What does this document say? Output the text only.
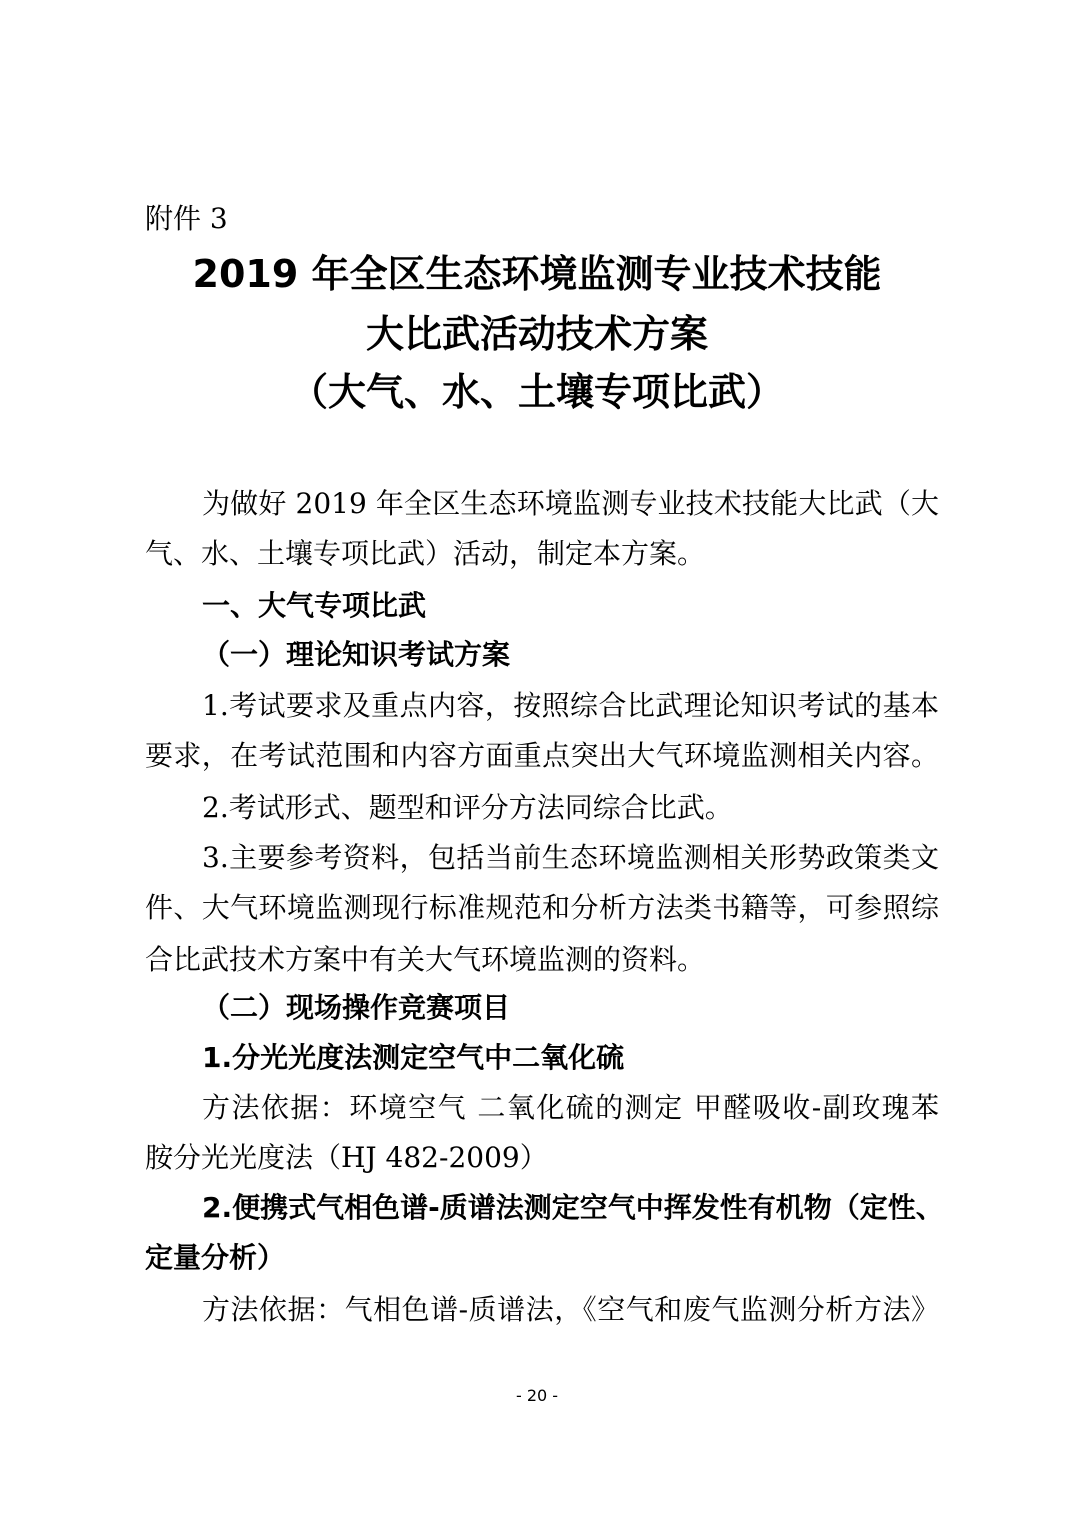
附件 3
2019 年全区生态环境监测专业技术技能
大比武活动技术方案
（大气、水、土壤专项比武）
为做好 2019 年全区生态环境监测专业技术技能大比武（大
气、水、土壤专项比武）活动，制定本方案。
一、大气专项比武
（一）理论知识考试方案
1.考试要求及重点内容，按照综合比武理论知识考试的基本
要求，在考试范围和内容方面重点突出大气环境监测相关内容。
2.考试形式、题型和评分方法同综合比武。
3.主要参考资料，包括当前生态环境监测相关形势政策类文
件、大气环境监测现行标准规范和分析方法类书籍等，可参照综
合比武技术方案中有关大气环境监测的资料。
（二）现场操作竞赛项目
1.分光光度法测定空气中二氧化硫
方法依据：环境空气 二氧化硫的测定 甲醛吸收-副玫瑰苯
胺分光光度法（HJ 482-2009）
2.便携式气相色谱-质谱法测定空气中挥发性有机物（定性、
定量分析）
方法依据：气相色谱-质谱法，《空气和废气监测分析方法》
- 20 -
